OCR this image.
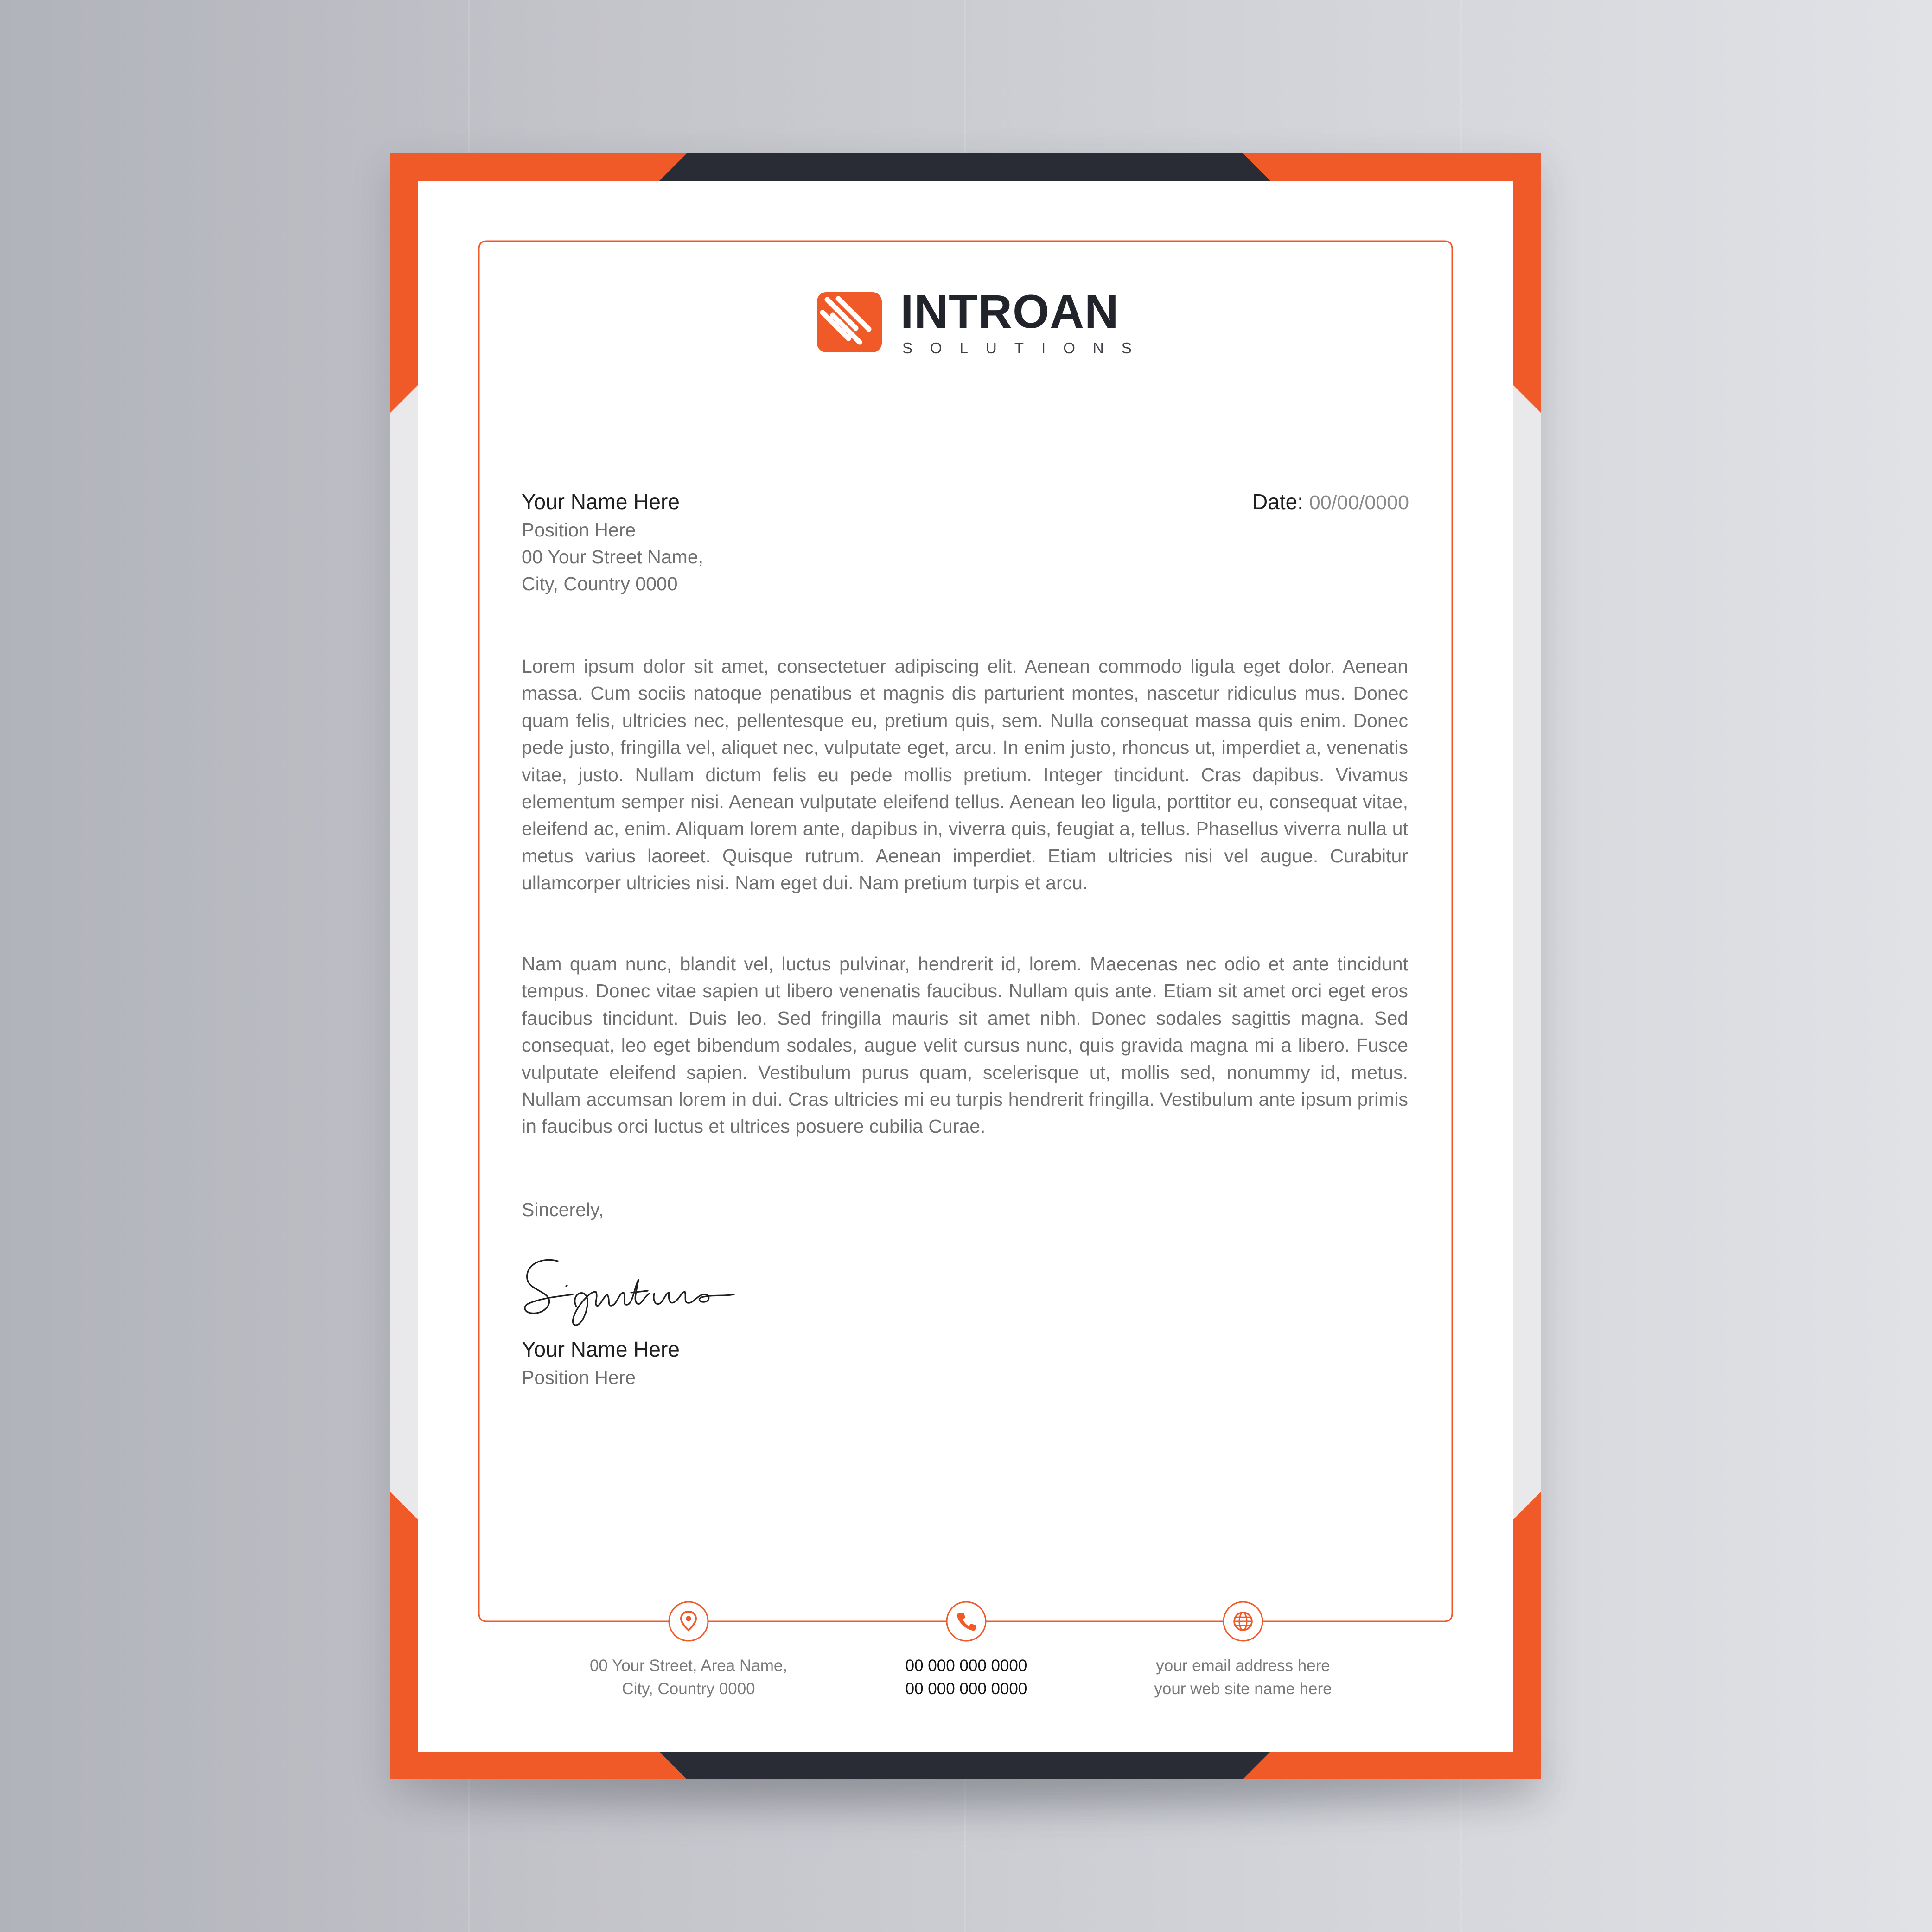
INTROAN
SOLUTIONS
Your Name Here
Position Here
00 Your Street Name,
City, Country 0000
Date: 00/00/0000

Lorem ipsum dolor sit amet, consectetuer adipiscing elit. Aenean commodo ligula eget dolor. Aenean massa. Cum sociis natoque penatibus et magnis dis parturient montes, nascetur ridiculus mus. Donec quam felis, ultricies nec, pellentesque eu, pretium quis, sem. Nulla consequat massa quis enim. Donec pede justo, fringilla vel, aliquet nec, vulputate eget, arcu. In enim justo, rhoncus ut, imperdiet a, venenatis vitae, justo. Nullam dictum felis eu pede mollis pretium. Integer tincidunt. Cras dapibus. Vivamus elementum semper nisi. Aenean vulputate eleifend tellus. Aenean leo ligula, porttitor eu, consequat vitae, eleifend ac, enim. Aliquam lorem ante, dapibus in, viverra quis, feugiat a, tellus. Phasellus viverra nulla ut metus varius laoreet. Quisque rutrum. Aenean imperdiet. Etiam ultricies nisi vel augue. Curabitur ullamcorper ultricies nisi. Nam eget dui. Nam pretium turpis et arcu.

Nam quam nunc, blandit vel, luctus pulvinar, hendrerit id, lorem. Maecenas nec odio et ante tincidunt tempus. Donec vitae sapien ut libero venenatis faucibus. Nullam quis ante. Etiam sit amet orci eget eros faucibus tincidunt. Duis leo. Sed fringilla mauris sit amet nibh. Donec sodales sagittis magna. Sed consequat, leo eget bibendum sodales, augue velit cursus nunc, quis gravida magna mi a libero. Fusce vulputate eleifend sapien. Vestibulum purus quam, scelerisque ut, mollis sed, nonummy id, metus. Nullam accumsan lorem in dui. Cras ultricies mi eu turpis hendrerit fringilla. Vestibulum ante ipsum primis in faucibus orci luctus et ultrices posuere cubilia Curae.

Sincerely,
Your Name Here
Position Here
00 Your Street, Area Name,
City, Country 0000
00 000 000 0000
00 000 000 0000
your email address here
your web site name here
